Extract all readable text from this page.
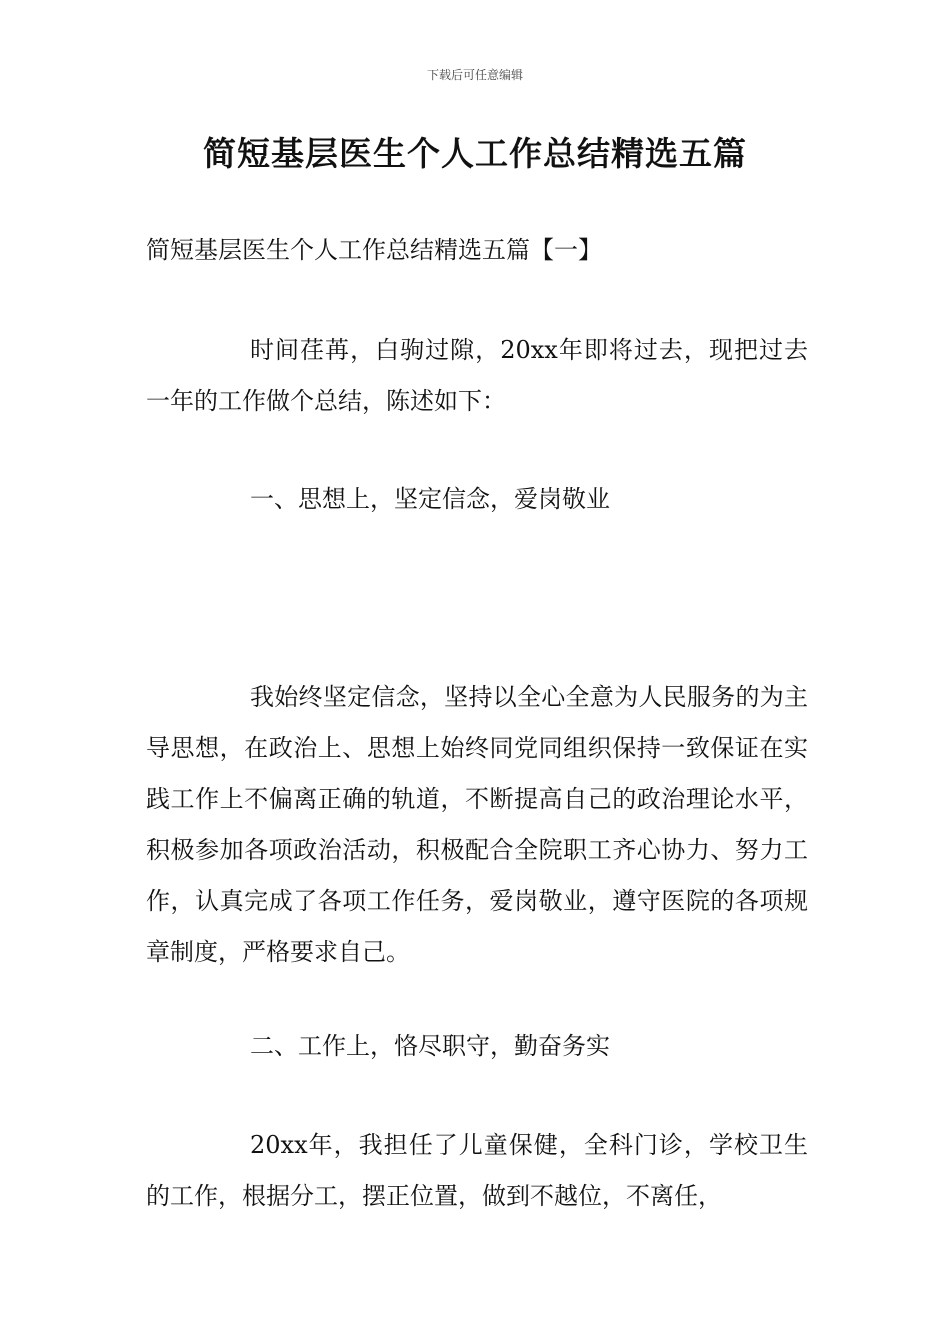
下载后可任意编辑
简短基层医生个人工作总结精选五篇
简短基层医生个人工作总结精选五篇【一】

时间荏苒，白驹过隙，20xx年即将过去，现把过去一年的工作做个总结，陈述如下：

一、思想上，坚定信念，爱岗敬业

我始终坚定信念，坚持以全心全意为人民服务的为主导思想，在政治上、思想上始终同党同组织保持一致保证在实践工作上不偏离正确的轨道，不断提高自己的政治理论水平，积极参加各项政治活动，积极配合全院职工齐心协力、努力工作，认真完成了各项工作任务，爱岗敬业，遵守医院的各项规章制度，严格要求自己。

二、工作上，恪尽职守，勤奋务实

20xx年，我担任了儿童保健，全科门诊，学校卫生的工作，根据分工，摆正位置，做到不越位，不离任，
